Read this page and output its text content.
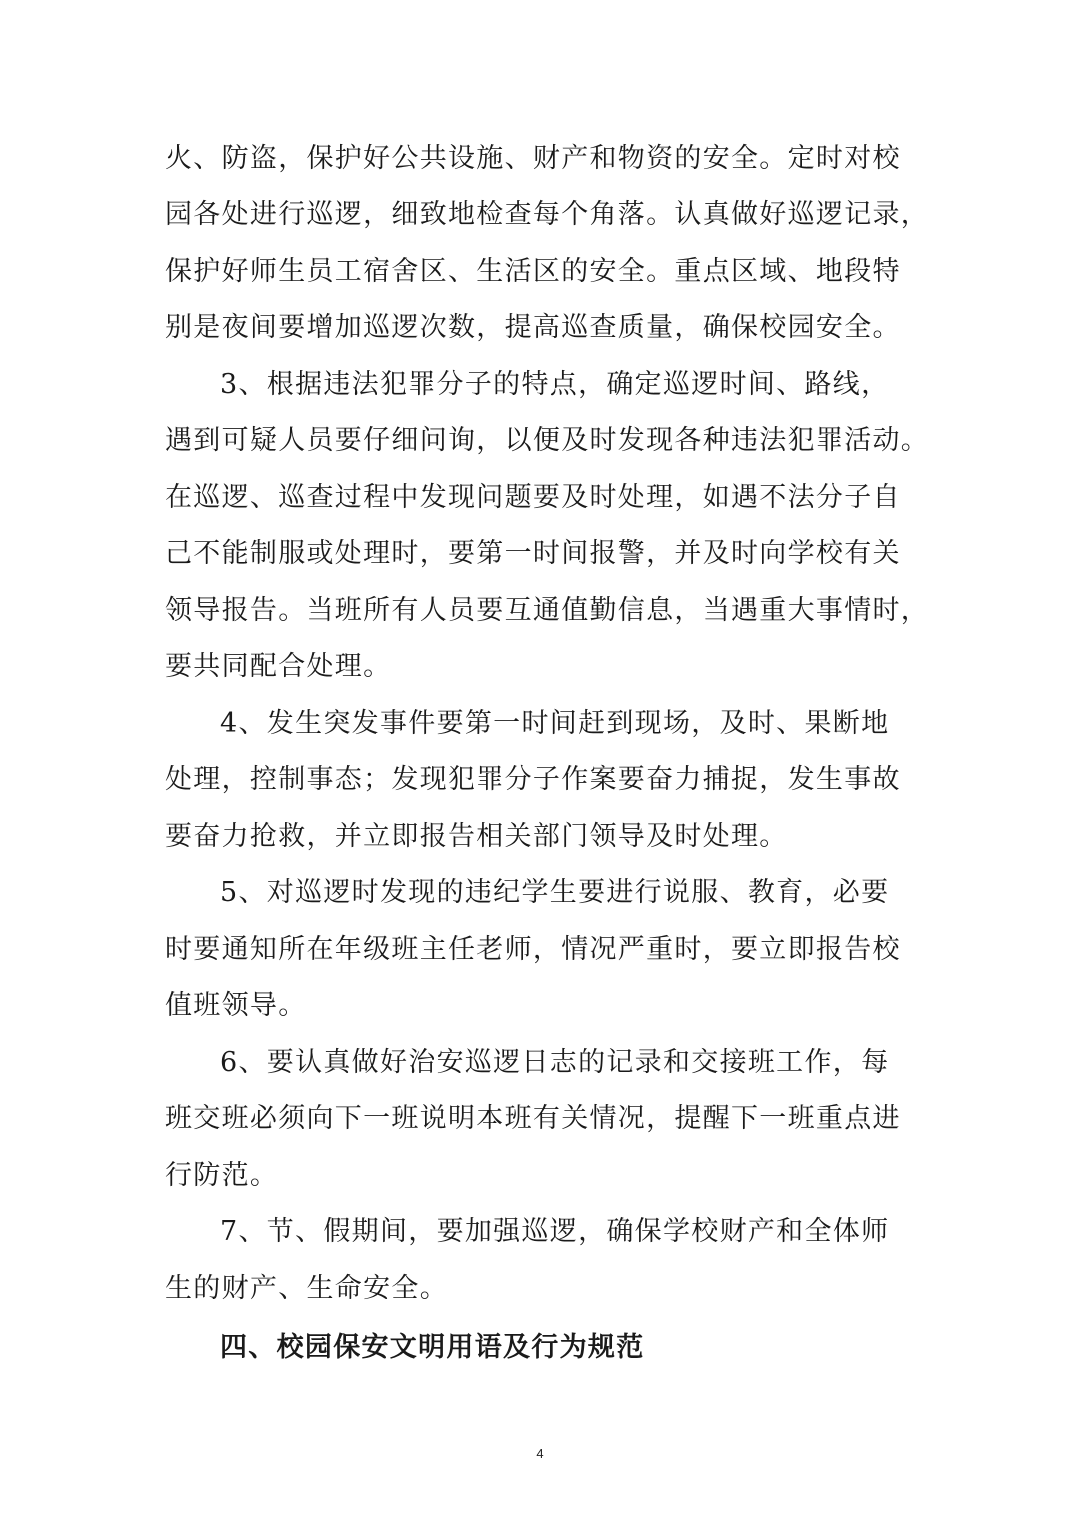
火、防盗，保护好公共设施、财产和物资的安全。定时对校
园各处进行巡逻，细致地检查每个角落。认真做好巡逻记录，
保护好师生员工宿舍区、生活区的安全。重点区域、地段特
别是夜间要增加巡逻次数，提高巡查质量，确保校园安全。
3、根据违法犯罪分子的特点，确定巡逻时间、路线，
遇到可疑人员要仔细问询，以便及时发现各种违法犯罪活动。
在巡逻、巡查过程中发现问题要及时处理，如遇不法分子自
己不能制服或处理时，要第一时间报警，并及时向学校有关
领导报告。当班所有人员要互通值勤信息，当遇重大事情时，
要共同配合处理。
4、发生突发事件要第一时间赶到现场，及时、果断地
处理，控制事态；发现犯罪分子作案要奋力捕捉，发生事故
要奋力抢救，并立即报告相关部门领导及时处理。
5、对巡逻时发现的违纪学生要进行说服、教育，必要
时要通知所在年级班主任老师，情况严重时，要立即报告校
值班领导。
6、要认真做好治安巡逻日志的记录和交接班工作，每
班交班必须向下一班说明本班有关情况，提醒下一班重点进
行防范。
7、节、假期间，要加强巡逻，确保学校财产和全体师
生的财产、生命安全。
四、校园保安文明用语及行为规范
4
